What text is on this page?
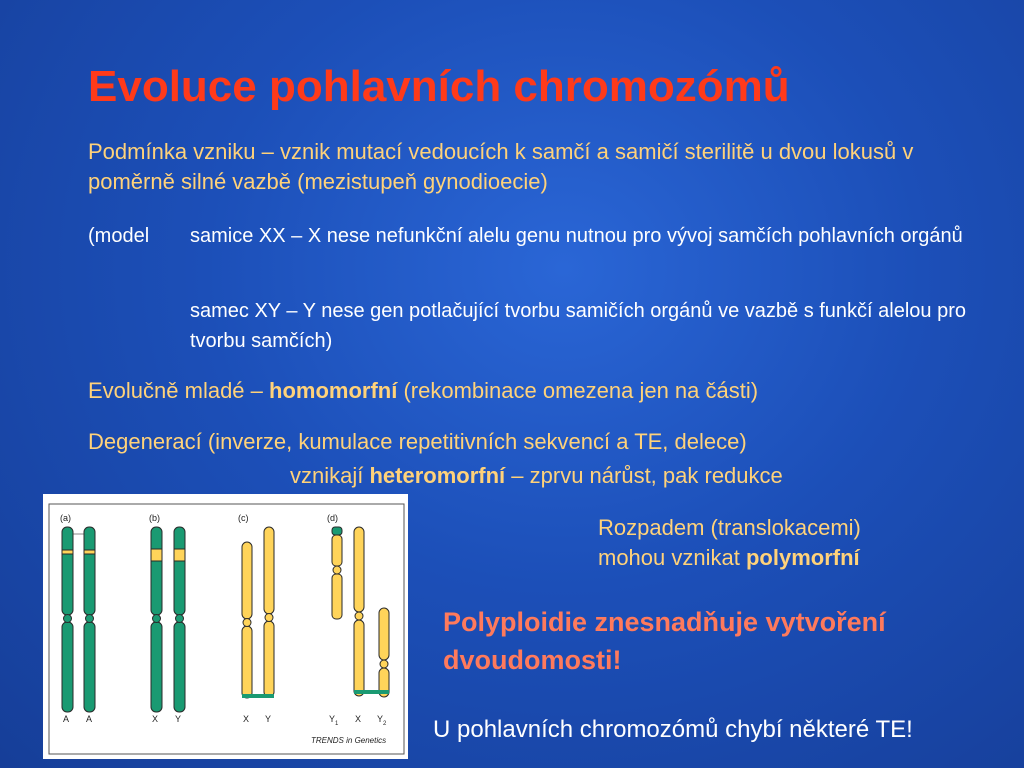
Evoluce pohlavních chromozómů
Podmínka vzniku – vznik mutací vedoucích k samčí a samičí sterilitě u dvou lokusů v poměrně silné vazbě (mezistupeň gynodioecie)
(model samice XX – X nese nefunkční alelu genu nutnou pro vývoj samčích pohlavních orgánů
samec XY – Y nese gen potlačující tvorbu samičích orgánů ve vazbě s funkčí alelou pro tvorbu samčích)
Evolučně mladé – homomorfní (rekombinace omezena jen na části)
Degenerací (inverze, kumulace repetitivních sekvencí a TE, delece)
vznikají heteromorfní – zprvu nárůst, pak redukce
Rozpadem (translokacemi)
mohou vznikat polymorfní
Polyploidie znesnadňuje vytvoření dvoudomosti!
U pohlavních chromozómů chybí některé TE!
(a)	(b)	(c)	(d)
A A	X Y	X Y	$Y_1$ X $Y_2$
TRENDS in Genetics
